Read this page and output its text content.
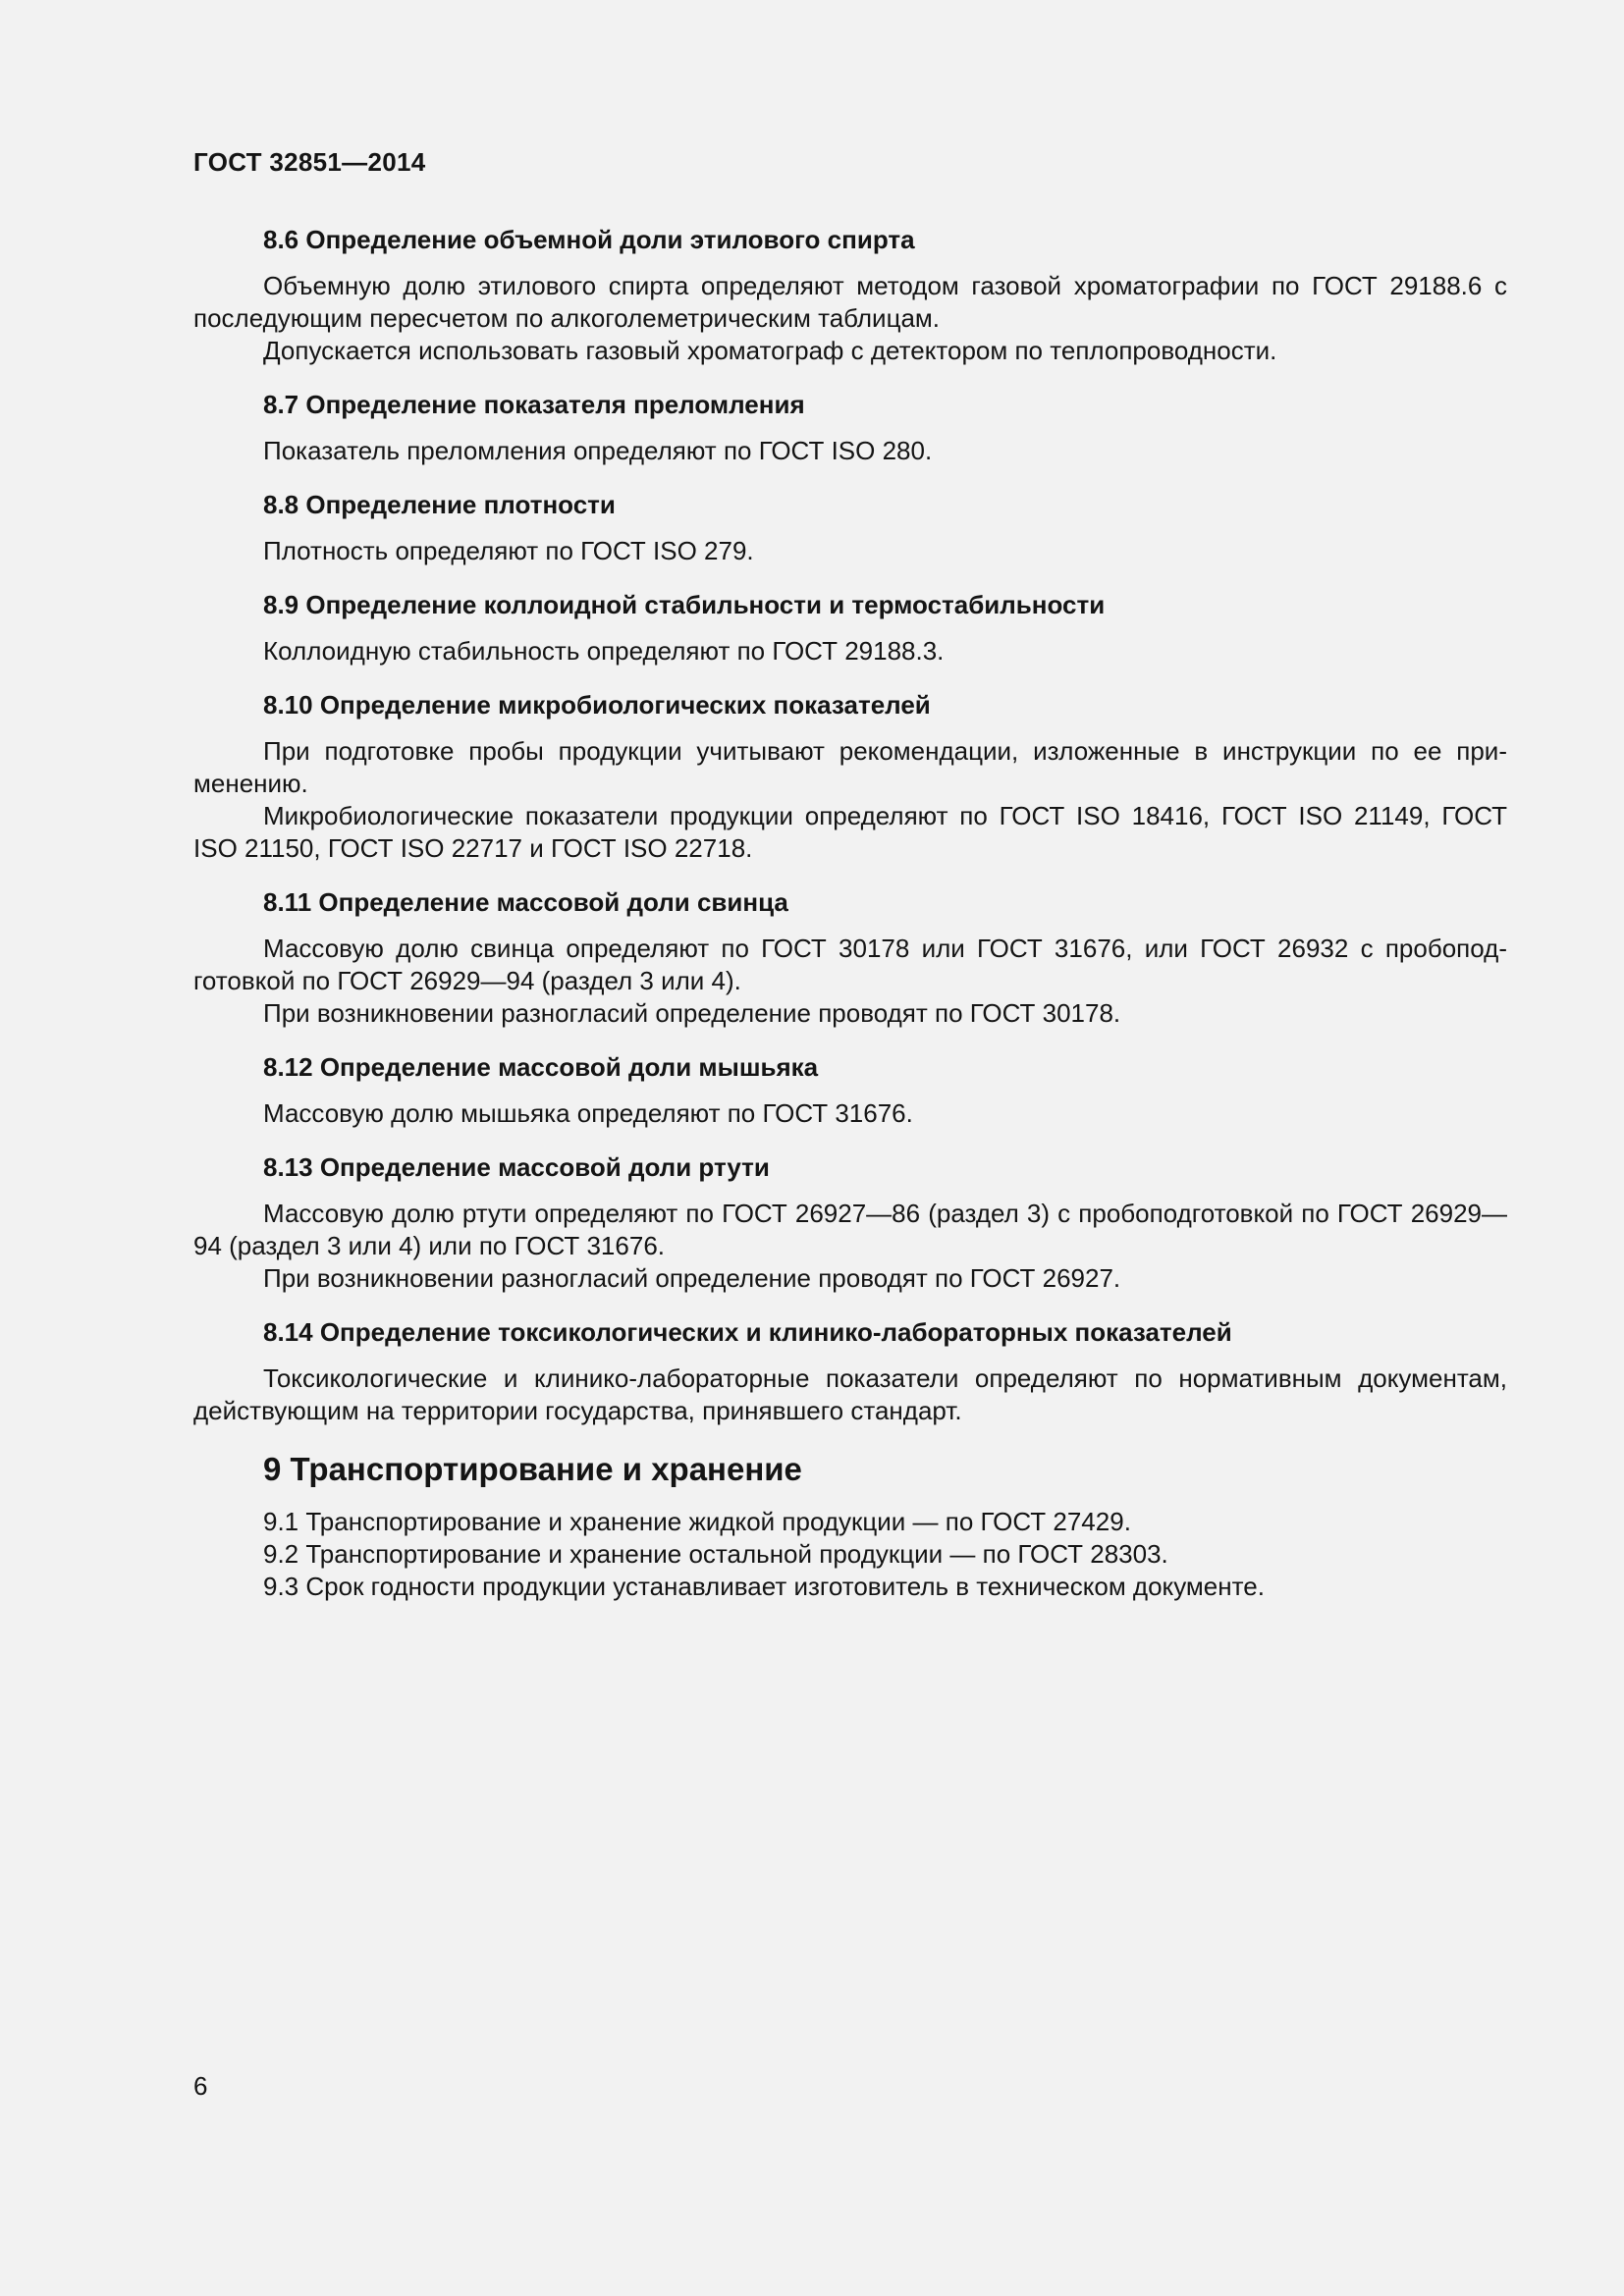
ГОСТ 32851—2014
8.6 Определение объемной доли этилового спирта

Объемную долю этилового спирта определяют методом газовой хроматографии по ГОСТ 29188.6 с последующим пересчетом по алкоголеметрическим таблицам.

Допускается использовать газовый хроматограф с детектором по теплопроводности.

8.7 Определение показателя преломления

Показатель преломления определяют по ГОСТ ISO 280.

8.8 Определение плотности

Плотность определяют по ГОСТ ISO 279.

8.9 Определение коллоидной стабильности и термостабильности

Коллоидную стабильность определяют по ГОСТ 29188.3.

8.10 Определение микробиологических показателей

При подготовке пробы продукции учитывают рекомендации, изложенные в инструкции по ее применению.

Микробиологические показатели продукции определяют по ГОСТ ISO 18416, ГОСТ ISO 21149, ГОСТ ISO 21150, ГОСТ ISO 22717 и ГОСТ ISO 22718.

8.11 Определение массовой доли свинца

Массовую долю свинца определяют по ГОСТ 30178 или ГОСТ 31676, или ГОСТ 26932 с пробоподготовкой по ГОСТ 26929—94 (раздел 3 или 4).

При возникновении разногласий определение проводят по ГОСТ 30178.

8.12 Определение массовой доли мышьяка

Массовую долю мышьяка определяют по ГОСТ 31676.

8.13 Определение массовой доли ртути

Массовую долю ртути определяют по ГОСТ 26927—86 (раздел 3) с пробоподготовкой по ГОСТ 26929—94 (раздел 3 или 4) или по ГОСТ 31676.

При возникновении разногласий определение проводят по ГОСТ 26927.

8.14 Определение токсикологических и клинико-лабораторных показателей

Токсикологические и клинико-лабораторные показатели определяют по нормативным документам, действующим на территории государства, принявшего стандарт.

9 Транспортирование и хранение

9.1 Транспортирование и хранение жидкой продукции — по ГОСТ 27429.

9.2 Транспортирование и хранение остальной продукции — по ГОСТ 28303.

9.3 Срок годности продукции устанавливает изготовитель в техническом документе.

6
